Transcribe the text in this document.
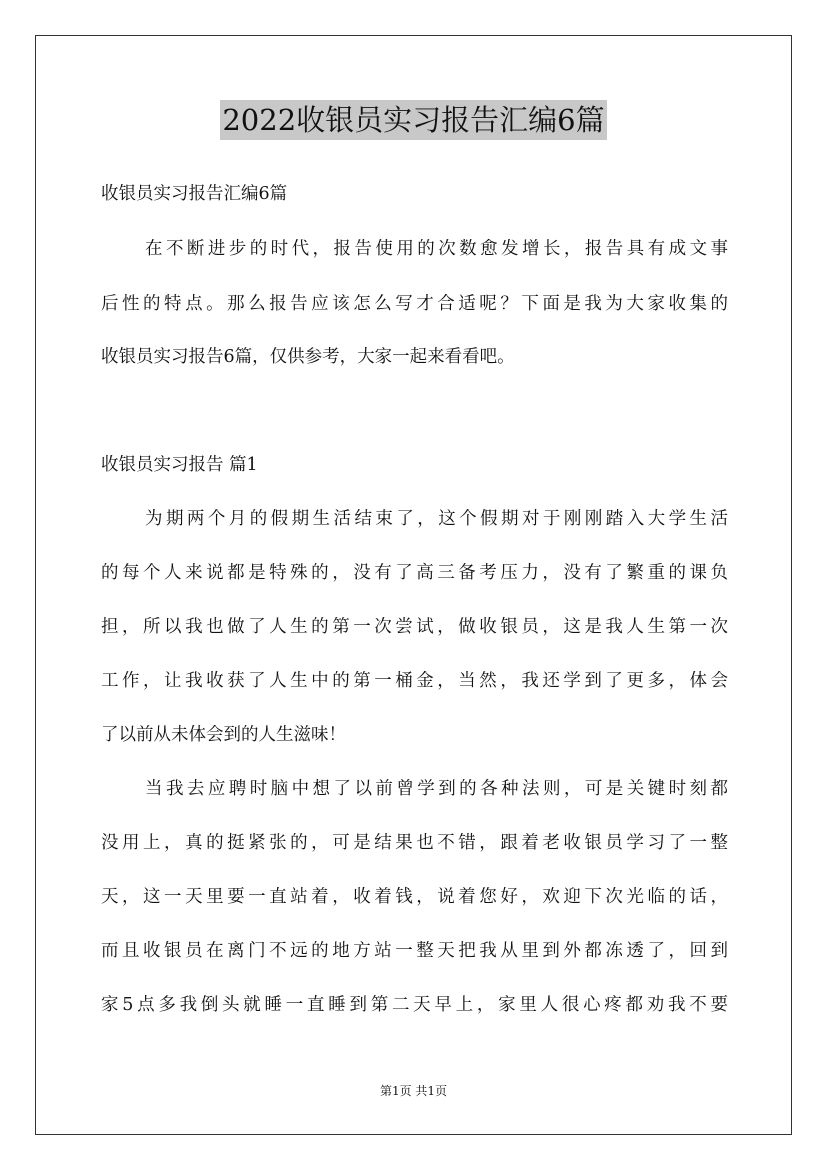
2022收银员实习报告汇编6篇
收银员实习报告汇编6篇
在不断进步的时代，报告使用的次数愈发增长，报告具有成文事
后性的特点。那么报告应该怎么写才合适呢？下面是我为大家收集的
收银员实习报告6篇，仅供参考，大家一起来看看吧。
收银员实习报告 篇1
为期两个月的假期生活结束了，这个假期对于刚刚踏入大学生活
的每个人来说都是特殊的，没有了高三备考压力，没有了繁重的课负
担，所以我也做了人生的第一次尝试，做收银员，这是我人生第一次
工作，让我收获了人生中的第一桶金，当然，我还学到了更多，体会
了以前从未体会到的人生滋味！
当我去应聘时脑中想了以前曾学到的各种法则，可是关键时刻都
没用上，真的挺紧张的，可是结果也不错，跟着老收银员学习了一整
天，这一天里要一直站着，收着钱，说着您好，欢迎下次光临的话，
而且收银员在离门不远的地方站一整天把我从里到外都冻透了，回到
家5点多我倒头就睡一直睡到第二天早上，家里人很心疼都劝我不要
第1页 共1页
